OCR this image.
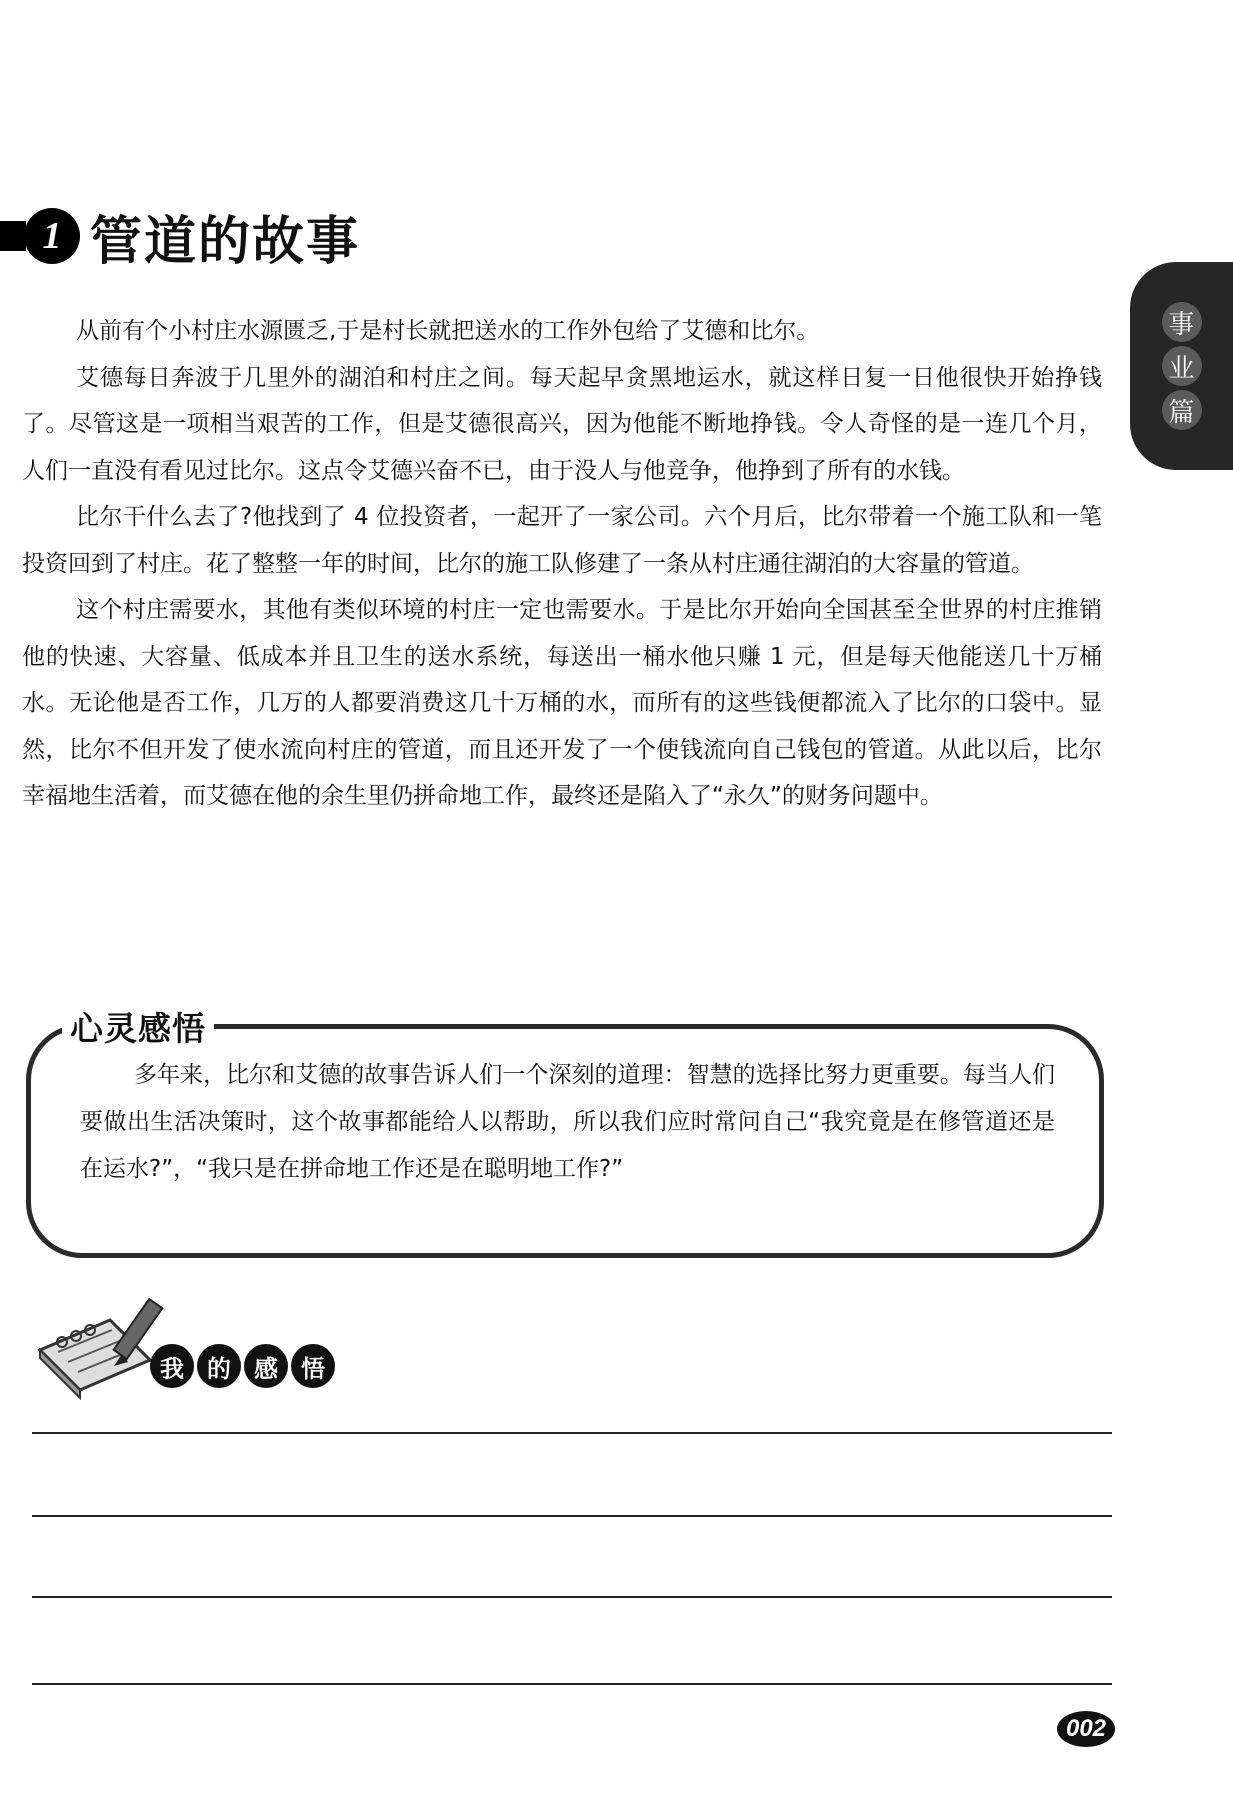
1 管道的故事
事
业
篇

从前有个小村庄水源匮乏,于是村长就把送水的工作外包给了艾德和比尔。

艾德每日奔波于几里外的湖泊和村庄之间。每天起早贪黑地运水，就这样日复一日他很快开始挣钱了。尽管这是一项相当艰苦的工作，但是艾德很高兴，因为他能不断地挣钱。令人奇怪的是一连几个月，人们一直没有看见过比尔。这点令艾德兴奋不已，由于没人与他竞争，他挣到了所有的水钱。

比尔干什么去了?他找到了 4 位投资者，一起开了一家公司。六个月后，比尔带着一个施工队和一笔投资回到了村庄。花了整整一年的时间，比尔的施工队修建了一条从村庄通往湖泊的大容量的管道。

这个村庄需要水，其他有类似环境的村庄一定也需要水。于是比尔开始向全国甚至全世界的村庄推销他的快速、大容量、低成本并且卫生的送水系统，每送出一桶水他只赚 1 元，但是每天他能送几十万桶水。无论他是否工作，几万的人都要消费这几十万桶的水，而所有的这些钱便都流入了比尔的口袋中。显然，比尔不但开发了使水流向村庄的管道，而且还开发了一个使钱流向自己钱包的管道。从此以后，比尔幸福地生活着，而艾德在他的余生里仍拼命地工作，最终还是陷入了“永久”的财务问题中。

心灵感悟

多年来，比尔和艾德的故事告诉人们一个深刻的道理：智慧的选择比努力更重要。每当人们要做出生活决策时，这个故事都能给人以帮助，所以我们应时常问自己“我究竟是在修管道还是在运水?”，“我只是在拼命地工作还是在聪明地工作?”

我 的 感 悟
002
